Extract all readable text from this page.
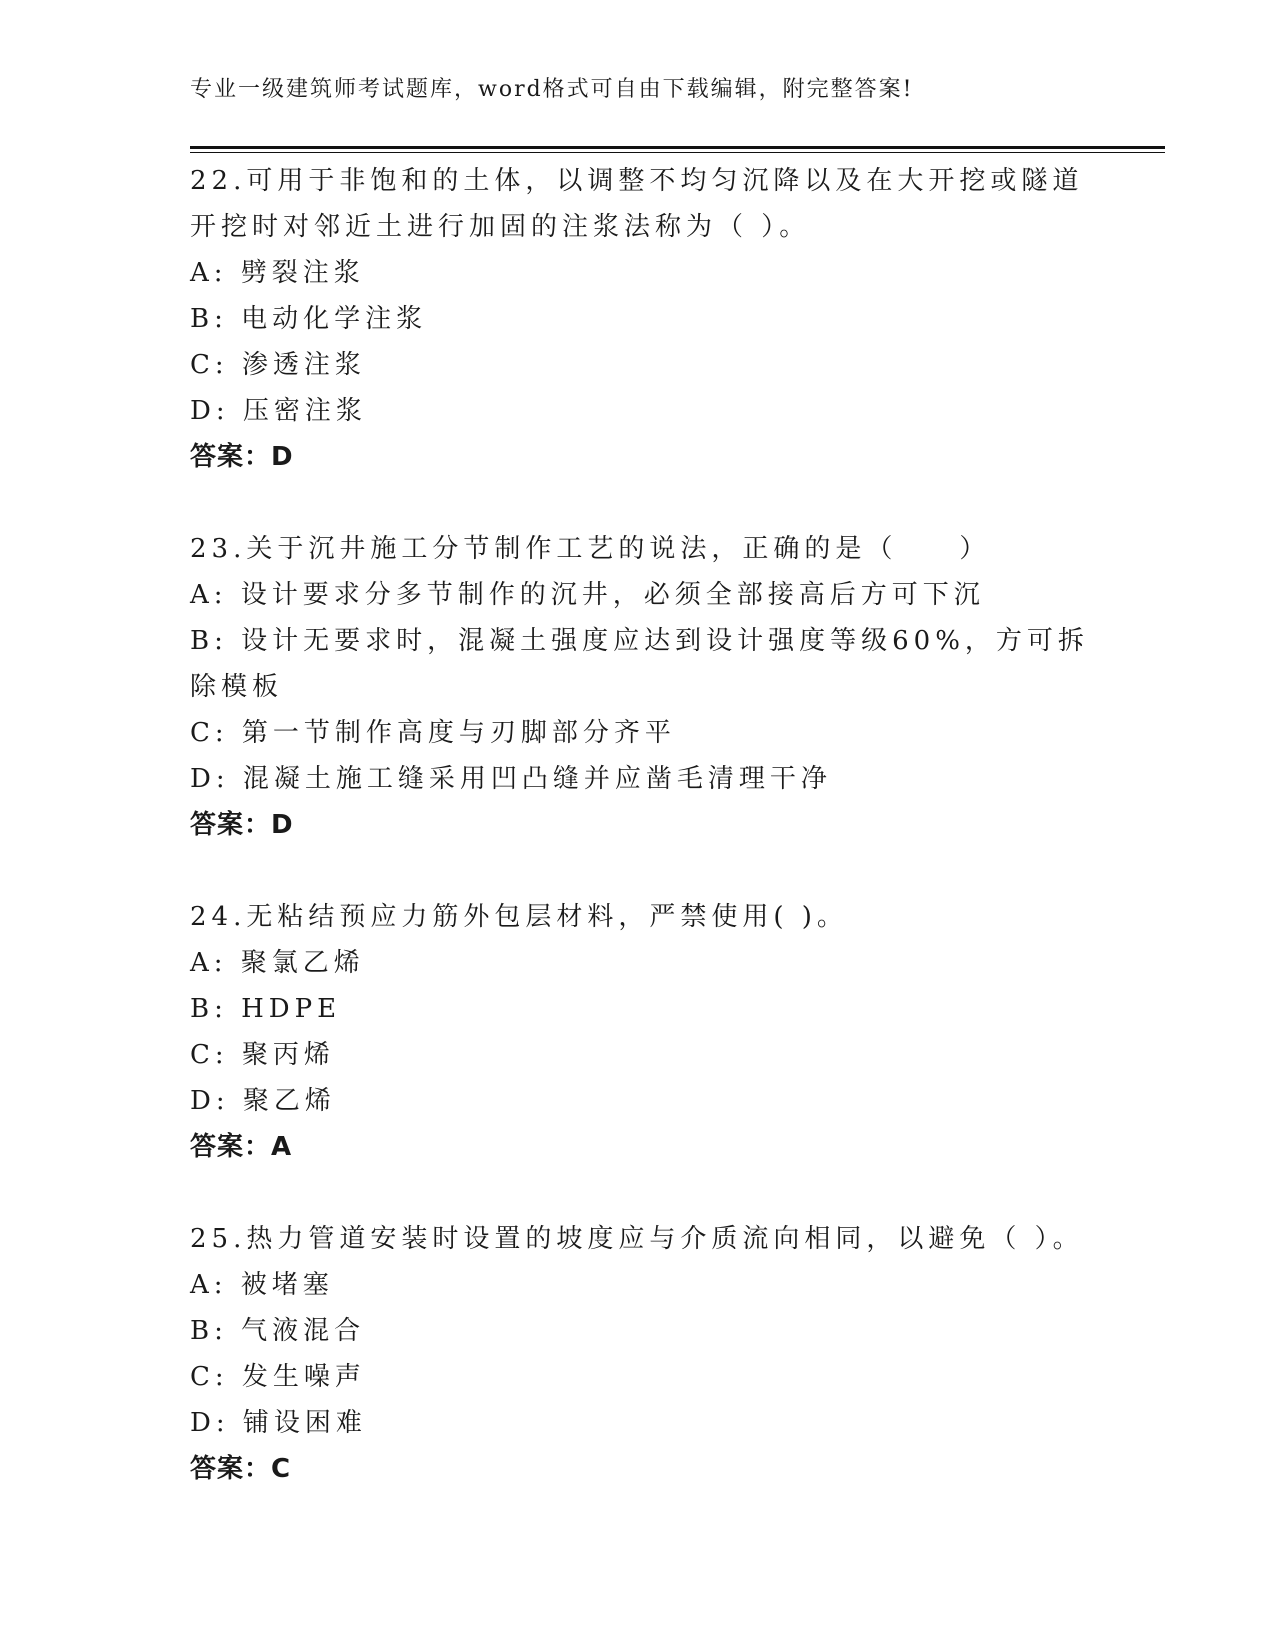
专业一级建筑师考试题库，word格式可自由下载编辑，附完整答案!
22.可用于非饱和的土体，以调整不均匀沉降以及在大开挖或隧道开挖时对邻近土进行加固的注浆法称为（ ）。
A: 劈裂注浆
B: 电动化学注浆
C: 渗透注浆
D: 压密注浆
答案：D
23.关于沉井施工分节制作工艺的说法，正确的是（　　）
A: 设计要求分多节制作的沉井，必须全部接高后方可下沉
B: 设计无要求时，混凝土强度应达到设计强度等级60%，方可拆除模板
C: 第一节制作高度与刃脚部分齐平
D: 混凝土施工缝采用凹凸缝并应凿毛清理干净
答案：D
24.无粘结预应力筋外包层材料，严禁使用( )。
A: 聚氯乙烯
B: HDPE
C: 聚丙烯
D: 聚乙烯
答案：A
25.热力管道安装时设置的坡度应与介质流向相同，以避免（ ）。
A: 被堵塞
B: 气液混合
C: 发生噪声
D: 铺设困难
答案：C
